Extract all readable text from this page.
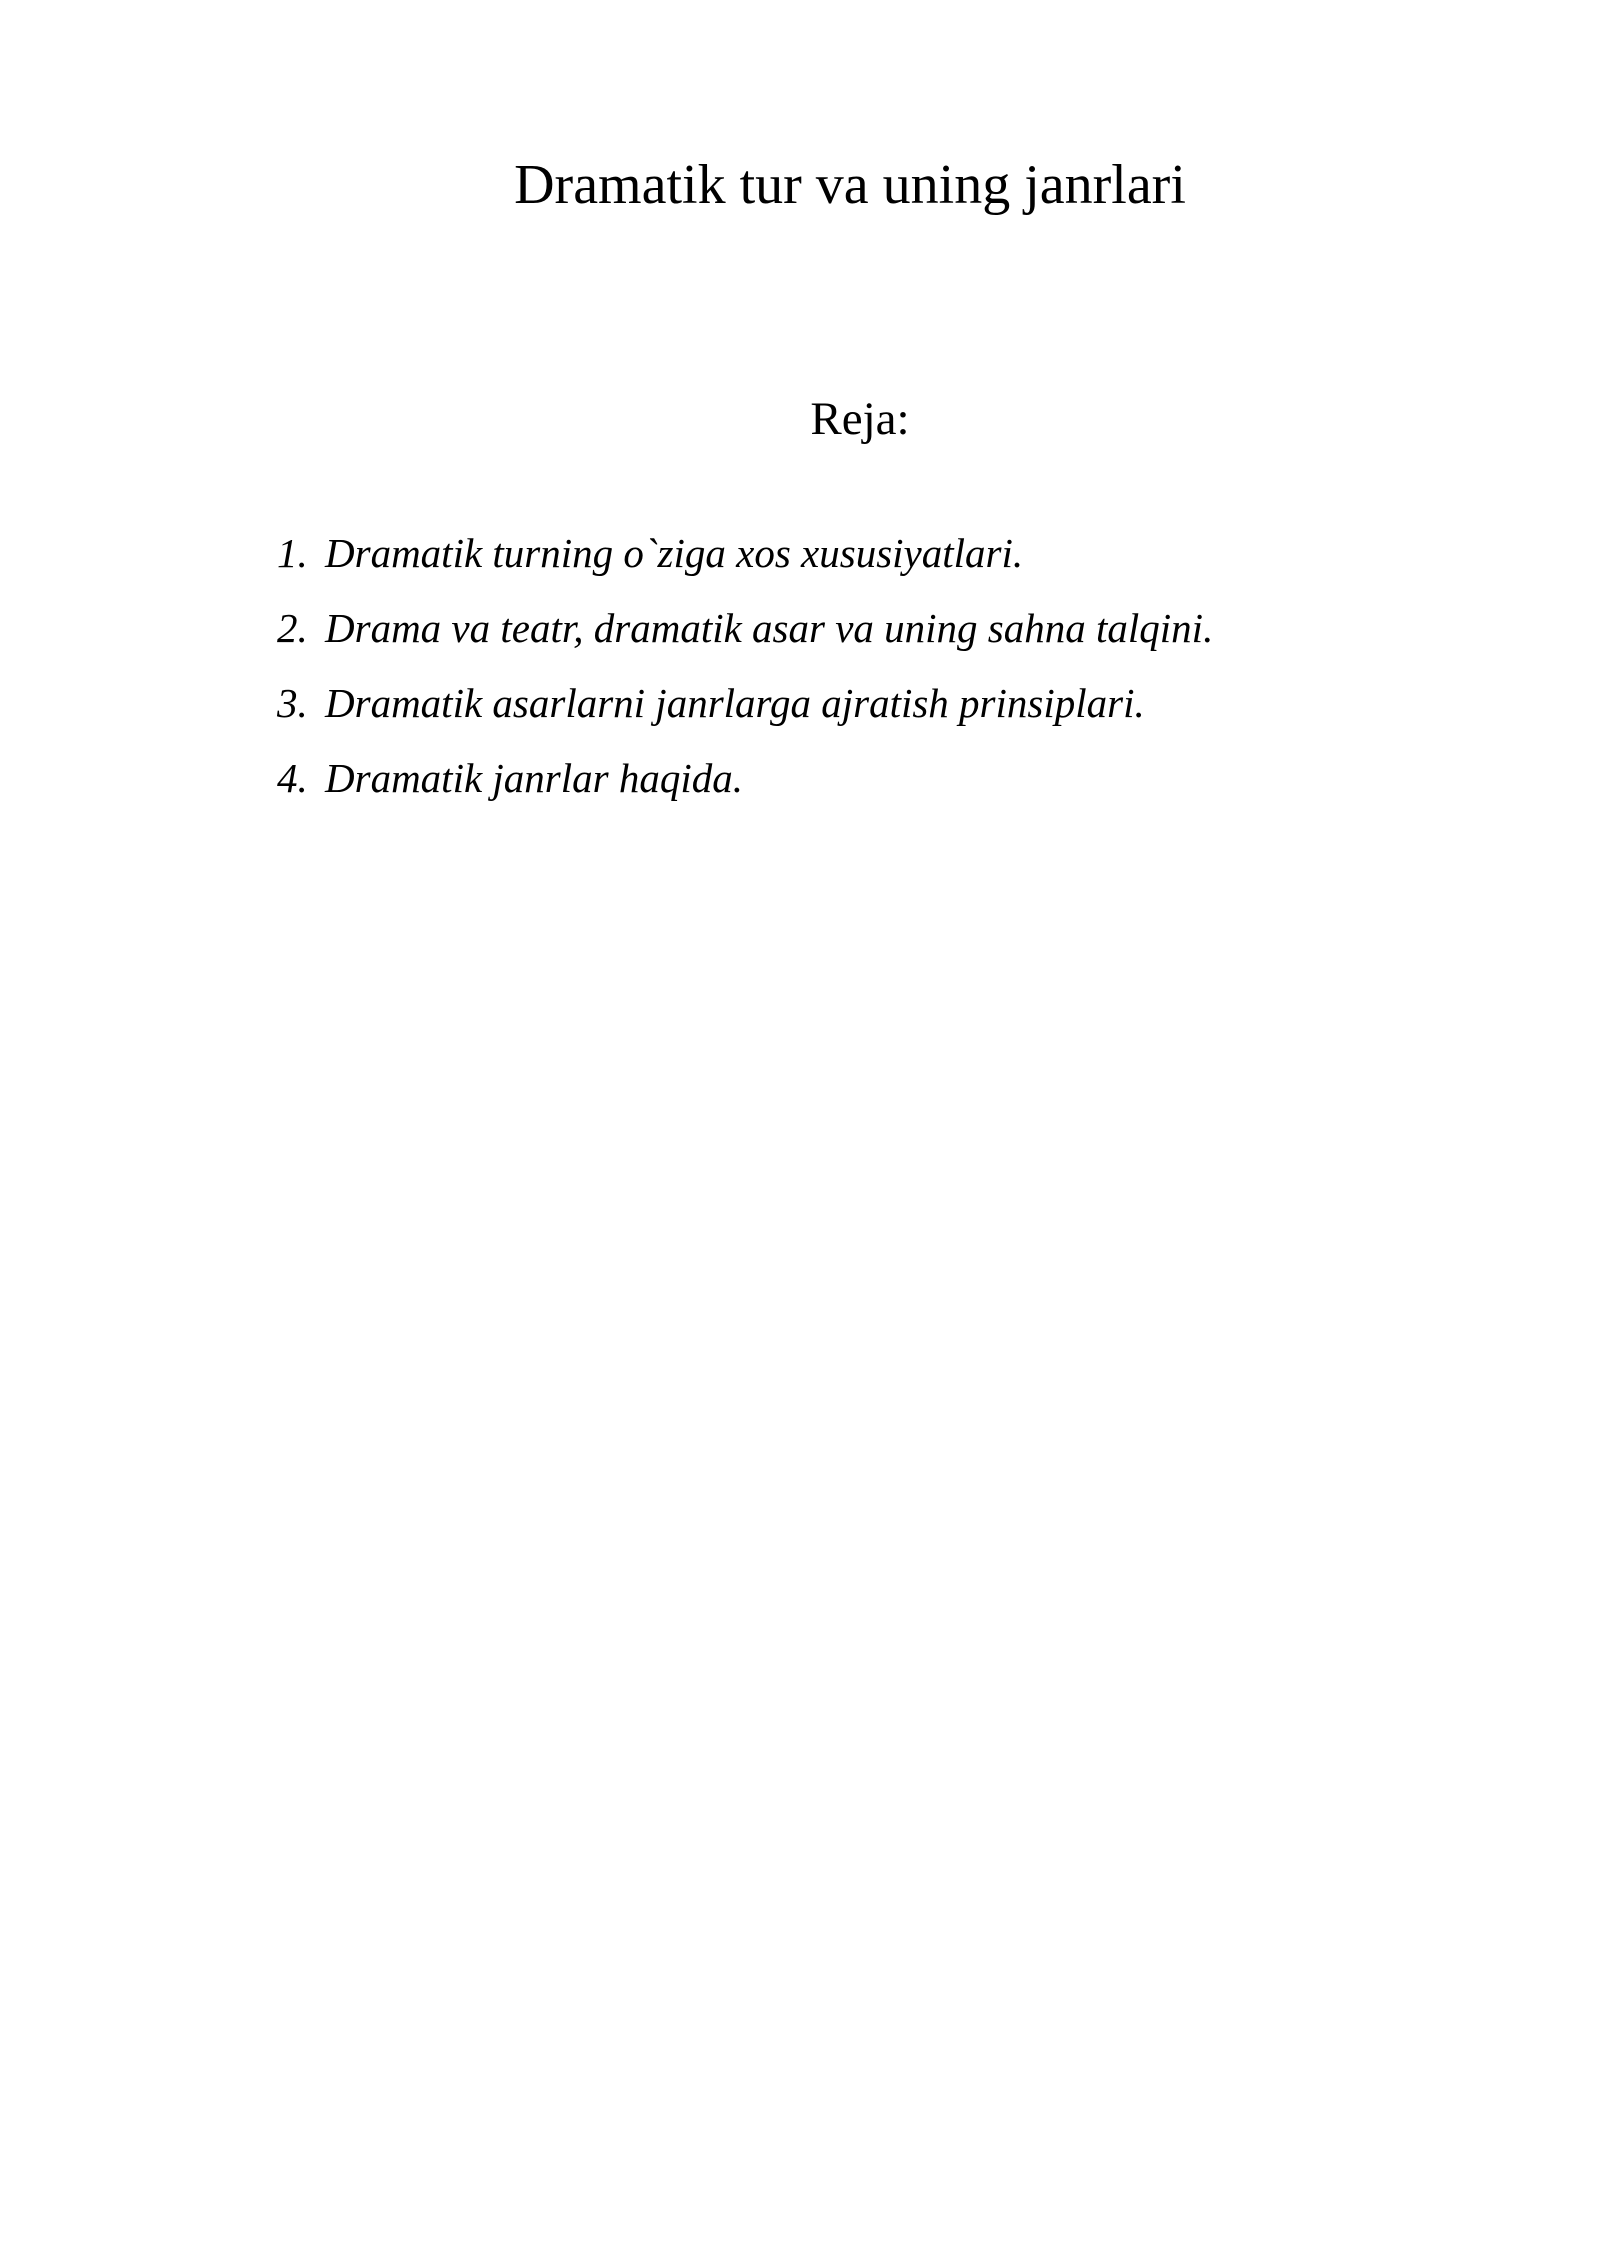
Dramatik tur va uning janrlari
Reja:
1. Dramatik turning o`ziga xos xususiyatlari.
2. Drama va teatr, dramatik asar va uning sahna talqini.
3. Dramatik asarlarni janrlarga ajratish prinsiplari.
4. Dramatik janrlar haqida.
